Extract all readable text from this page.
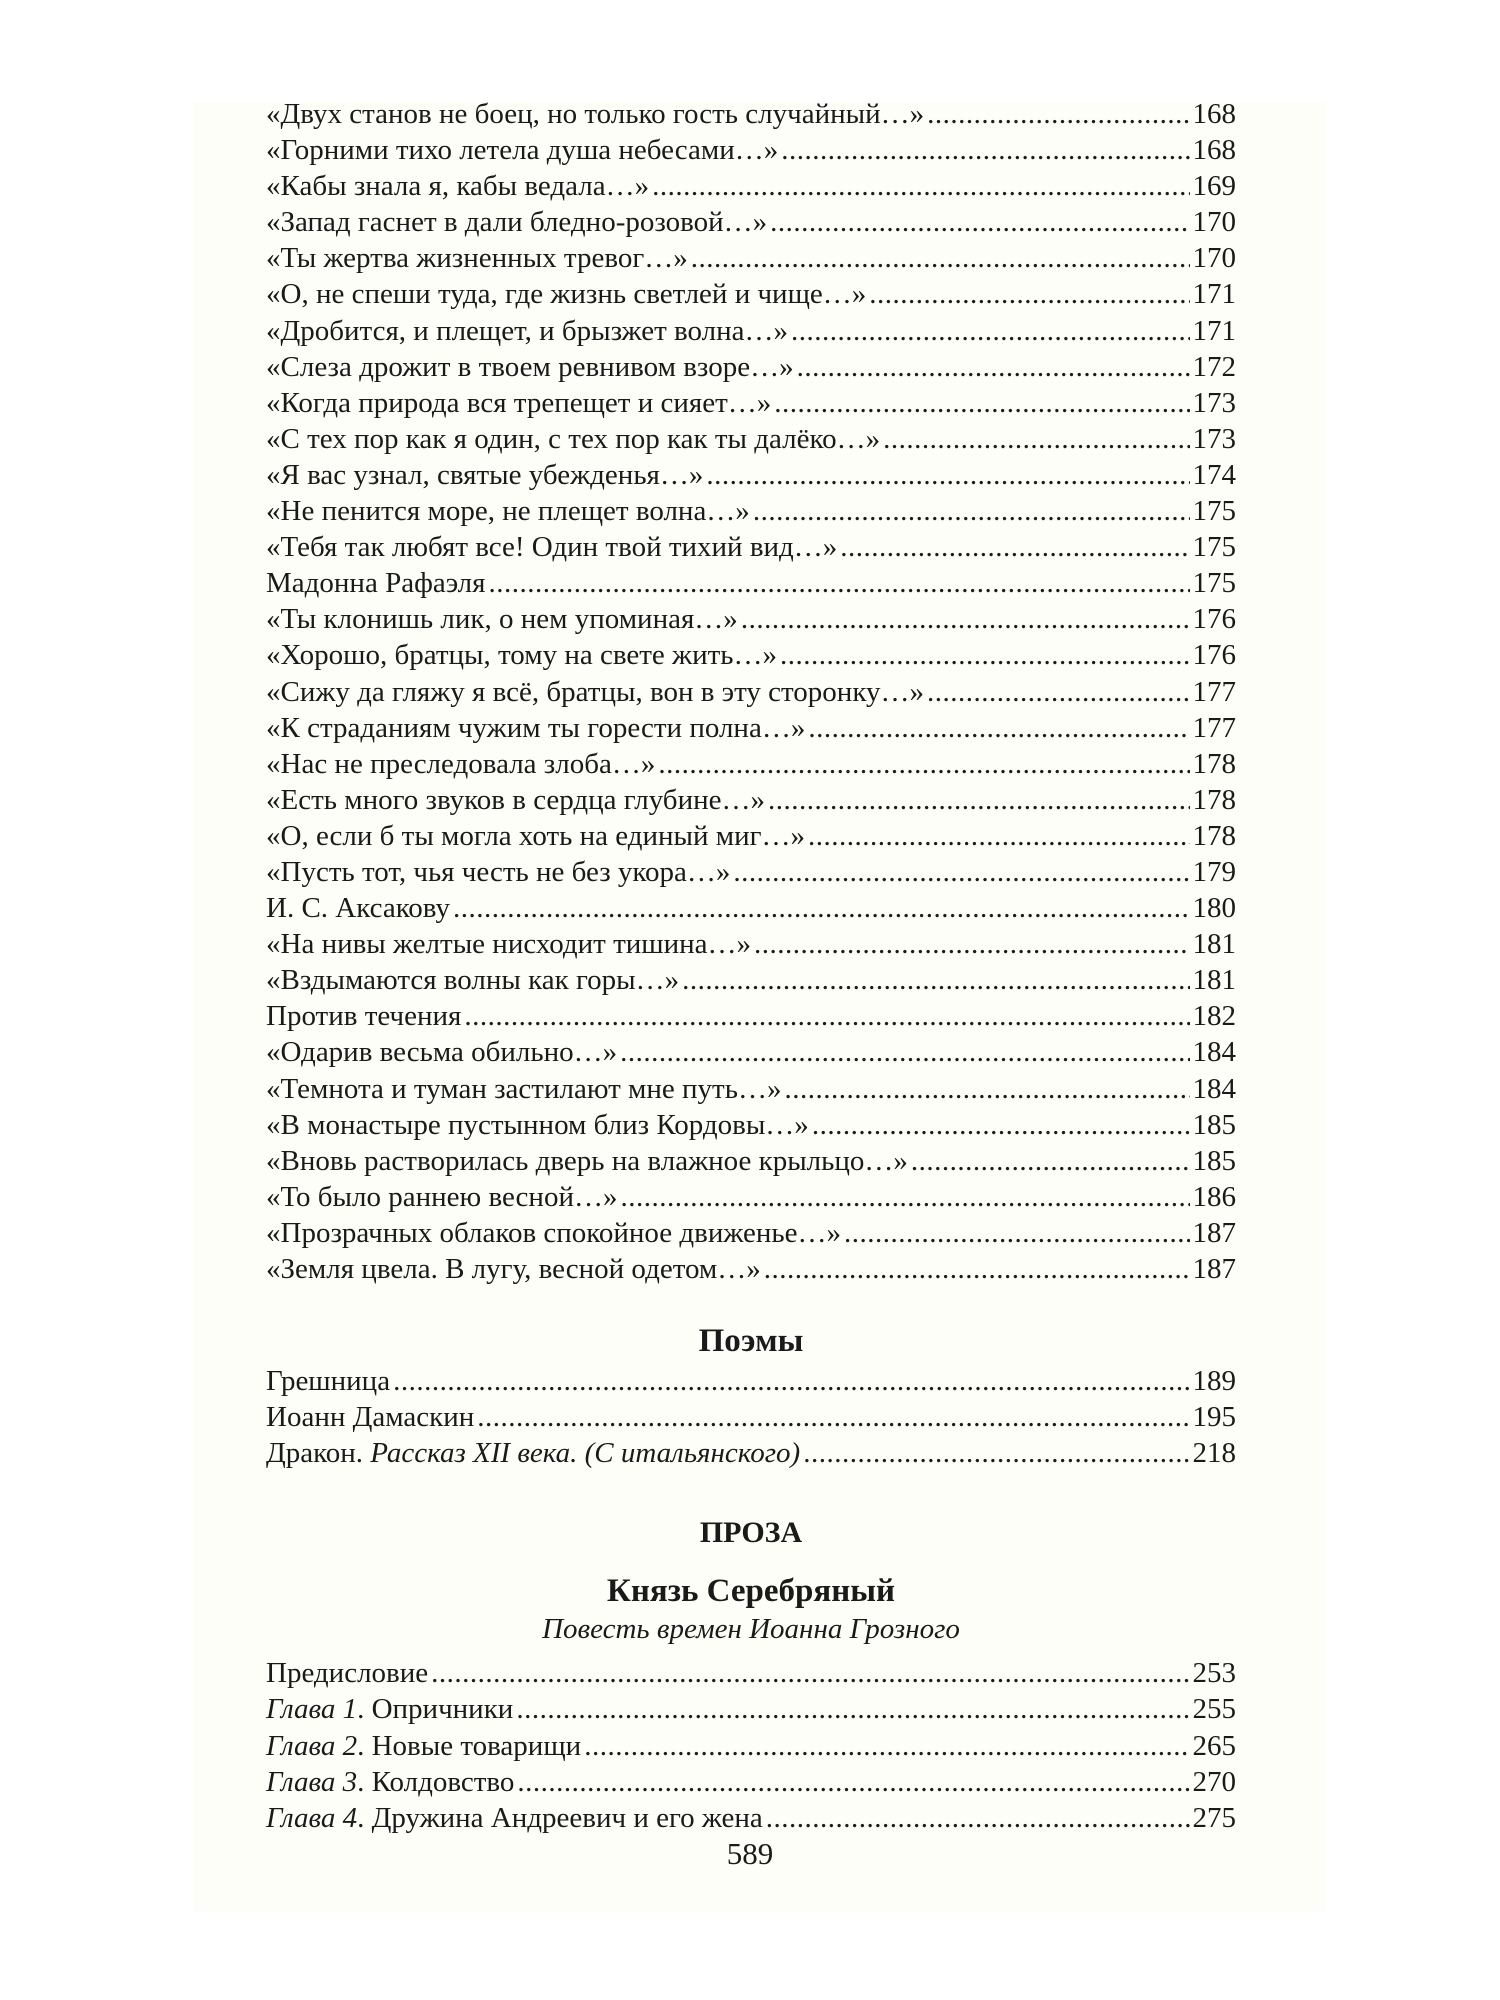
«Двух станов не боец, но только гость случайный…» .....	168
«Горними тихо летела душа небесами…» .....	168
«Кабы знала я, кабы ведала…» .....	169
«Запад гаснет в дали бледно-розовой…» .....	170
«Ты жертва жизненных тревог…» .....	170
«О, не спеши туда, где жизнь светлей и чище…» .....	171
«Дробится, и плещет, и брызжет волна…» .....	171
«Слеза дрожит в твоем ревнивом взоре…» .....	172
«Когда природа вся трепещет и сияет…» .....	173
«С тех пор как я один, с тех пор как ты далёко…» .....	173
«Я вас узнал, святые убежденья…» .....	174
«Не пенится море, не плещет волна…» .....	175
«Тебя так любят все! Один твой тихий вид…» .....	175
Мадонна Рафаэля .....	175
«Ты клонишь лик, о нем упоминая…» .....	176
«Хорошо, братцы, тому на свете жить…» .....	176
«Сижу да гляжу я всё, братцы, вон в эту сторонку…» .....	177
«К страданиям чужим ты горести полна…» .....	177
«Нас не преследовала злоба…» .....	178
«Есть много звуков в сердца глубине…» .....	178
«О, если б ты могла хоть на единый миг…» .....	178
«Пусть тот, чья честь не без укора…» .....	179
И. С. Аксакову .....	180
«На нивы желтые нисходит тишина…» .....	181
«Вздымаются волны как горы…» .....	181
Против течения .....	182
«Одарив весьма обильно…» .....	184
«Темнота и туман застилают мне путь…» .....	184
«В монастыре пустынном близ Кордовы…» .....	185
«Вновь растворилась дверь на влажное крыльцо…» .....	185
«То было раннею весной…» .....	186
«Прозрачных облаков спокойное движенье…» .....	187
«Земля цвела. В лугу, весной одетом…» .....	187
Поэмы
Грешница .....	189
Иоанн Дамаскин .....	195
Дракон. Рассказ XII века. (С итальянского) .....	218
ПРОЗА
Князь Серебряный
Повесть времен Иоанна Грозного
Предисловие .....	253
Глава 1. Опричники .....	255
Глава 2. Новые товарищи .....	265
Глава 3. Колдовство .....	270
Глава 4. Дружина Андреевич и его жена .....	275
589
